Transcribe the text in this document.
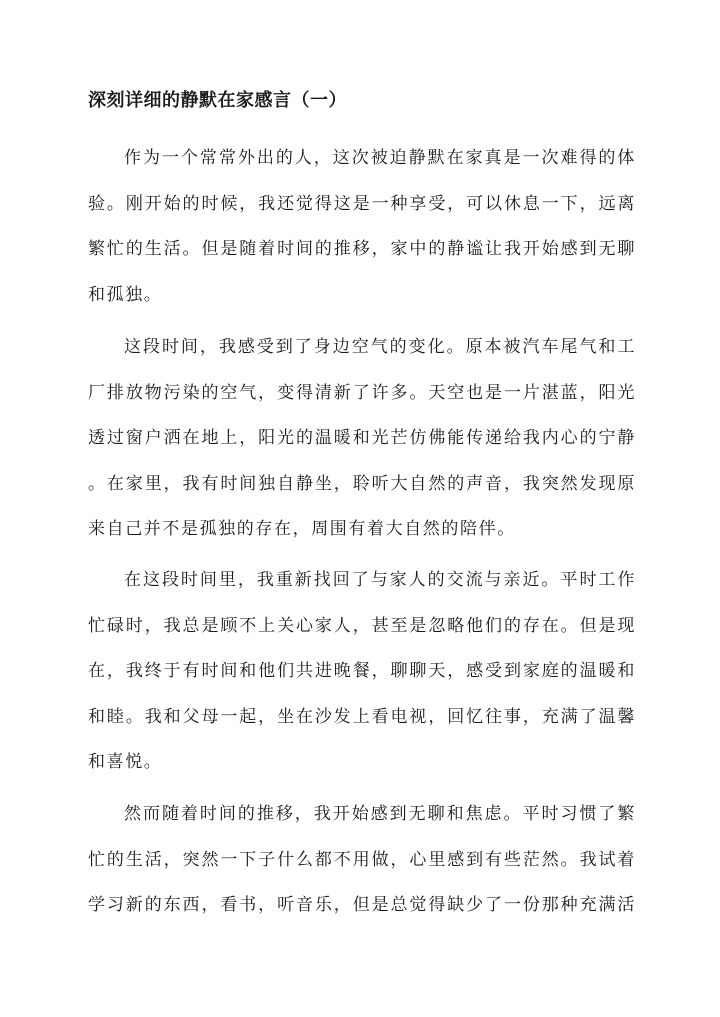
深刻详细的静默在家感言（一）
作为一个常常外出的人，这次被迫静默在家真是一次难得的体
验。刚开始的时候，我还觉得这是一种享受，可以休息一下，远离
繁忙的生活。但是随着时间的推移，家中的静谧让我开始感到无聊
和孤独。
这段时间，我感受到了身边空气的变化。原本被汽车尾气和工
厂排放物污染的空气，变得清新了许多。天空也是一片湛蓝，阳光
透过窗户洒在地上，阳光的温暖和光芒仿佛能传递给我内心的宁静
。在家里，我有时间独自静坐，聆听大自然的声音，我突然发现原
来自己并不是孤独的存在，周围有着大自然的陪伴。
在这段时间里，我重新找回了与家人的交流与亲近。平时工作
忙碌时，我总是顾不上关心家人，甚至是忽略他们的存在。但是现
在，我终于有时间和他们共进晚餐，聊聊天，感受到家庭的温暖和
和睦。我和父母一起，坐在沙发上看电视，回忆往事，充满了温馨
和喜悦。
然而随着时间的推移，我开始感到无聊和焦虑。平时习惯了繁
忙的生活，突然一下子什么都不用做，心里感到有些茫然。我试着
学习新的东西，看书，听音乐，但是总觉得缺少了一份那种充满活
